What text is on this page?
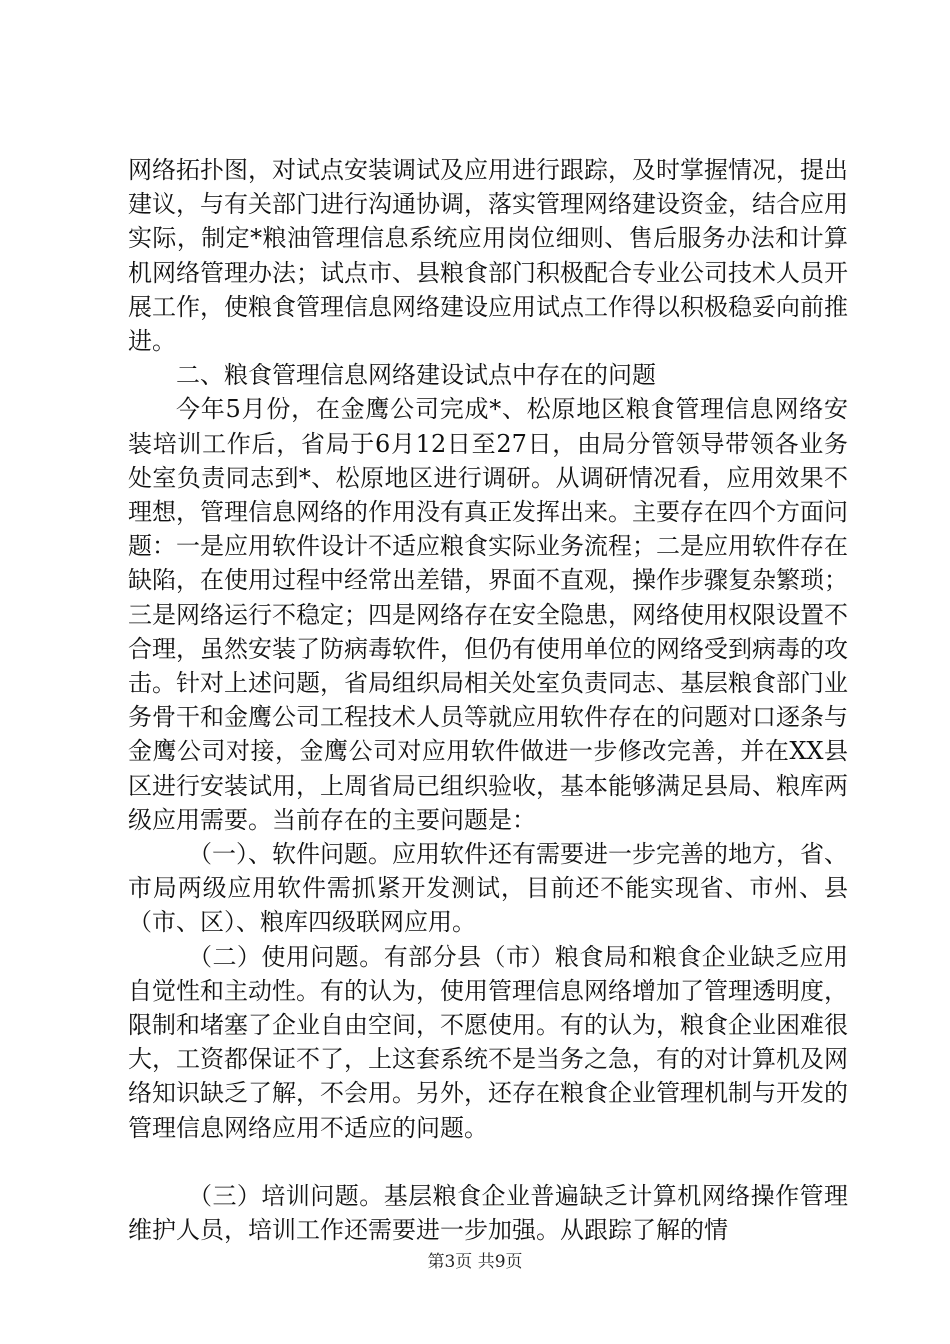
网络拓扑图，对试点安装调试及应用进行跟踪，及时掌握情况，提出建议，与有关部门进行沟通协调，落实管理网络建设资金，结合应用实际，制定*粮油管理信息系统应用岗位细则、售后服务办法和计算机网络管理办法；试点市、县粮食部门积极配合专业公司技术人员开展工作，使粮食管理信息网络建设应用试点工作得以积极稳妥向前推进。

二、粮食管理信息网络建设试点中存在的问题

今年5月份，在金鹰公司完成*、松原地区粮食管理信息网络安装培训工作后，省局于6月12日至27日，由局分管领导带领各业务处室负责同志到*、松原地区进行调研。从调研情况看，应用效果不理想，管理信息网络的作用没有真正发挥出来。主要存在四个方面问题：一是应用软件设计不适应粮食实际业务流程；二是应用软件存在缺陷，在使用过程中经常出差错，界面不直观，操作步骤复杂繁琐；三是网络运行不稳定；四是网络存在安全隐患，网络使用权限设置不合理，虽然安装了防病毒软件，但仍有使用单位的网络受到病毒的攻击。针对上述问题，省局组织局相关处室负责同志、基层粮食部门业务骨干和金鹰公司工程技术人员等就应用软件存在的问题对口逐条与金鹰公司对接，金鹰公司对应用软件做进一步修改完善，并在XX县区进行安装试用，上周省局已组织验收，基本能够满足县局、粮库两级应用需要。当前存在的主要问题是：

（一）、软件问题。应用软件还有需要进一步完善的地方，省、市局两级应用软件需抓紧开发测试，目前还不能实现省、市州、县（市、区）、粮库四级联网应用。

（二）使用问题。有部分县（市）粮食局和粮食企业缺乏应用自觉性和主动性。有的认为，使用管理信息网络增加了管理透明度，限制和堵塞了企业自由空间，不愿使用。有的认为，粮食企业困难很大，工资都保证不了，上这套系统不是当务之急，有的对计算机及网络知识缺乏了解，不会用。另外，还存在粮食企业管理机制与开发的管理信息网络应用不适应的问题。

（三）培训问题。基层粮食企业普遍缺乏计算机网络操作管理维护人员，培训工作还需要进一步加强。从跟踪了解的情

第3页 共9页
